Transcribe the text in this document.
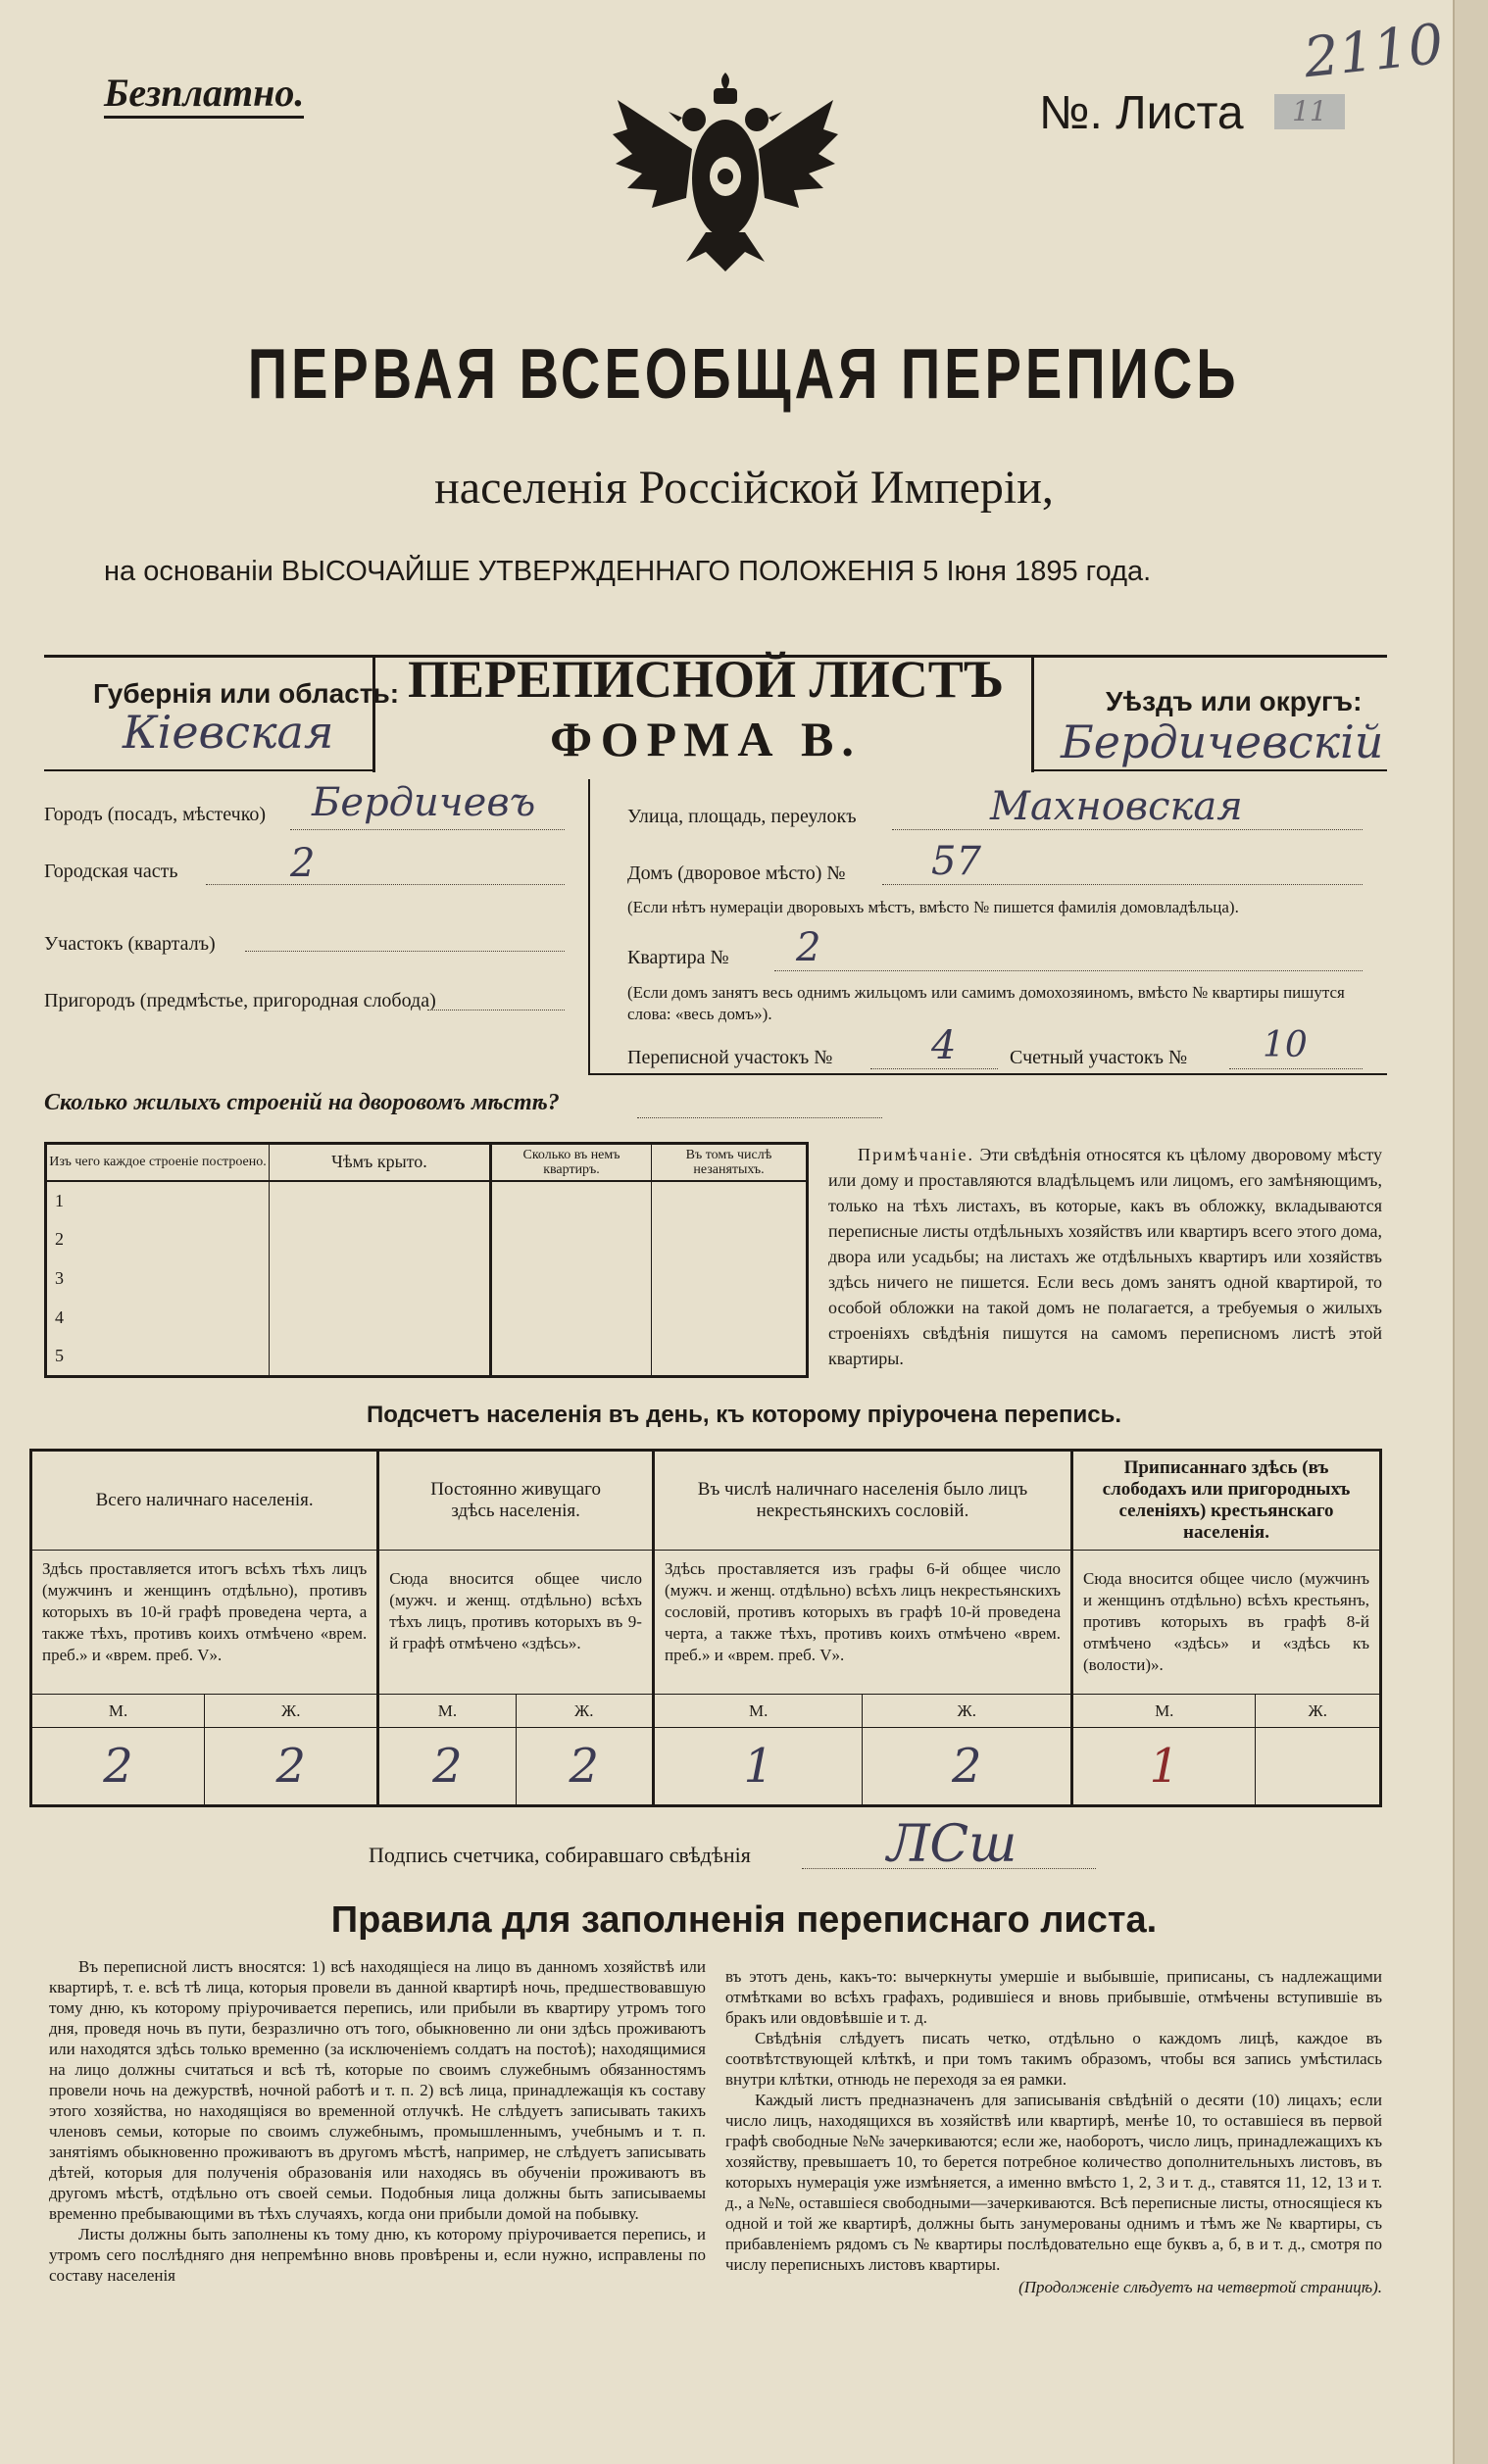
Безплатно.	№. Листа	11
2110
ПЕРВАЯ ВСЕОБЩАЯ ПЕРЕПИСЬ
населенія Россійской Имперіи,
на основаніи ВЫСОЧАЙШЕ УТВЕРЖДЕННАГО ПОЛОЖЕНІЯ 5 Іюня 1895 года.
Губернія или область:
Кіевская
ПЕРЕПИСНОЙ ЛИСТЪ
ФОРМА В.
Уѣздъ или округъ:
Бердичевскій
Городъ (посадъ, мѣстечко) Бердичевъ
Городская часть	2
Участокъ (кварталъ)
Пригородъ (предмѣстье, пригородная слобода)
Улица, площадь, переулокъ	Махновская
Домъ (дворовое мѣсто) № 57
(Если нѣтъ нумераціи дворовыхъ мѣстъ, вмѣсто № пишется фамилія домовладѣльца).
Квартира № 2
(Если домъ занятъ весь однимъ жильцомъ или самимъ домохозяиномъ, вмѣсто № квартиры пишутся слова: «весь домъ»).
Переписной участокъ №	4	Счетный участокъ № 10
Сколько жилыхъ строеній на дворовомъ мѣстѣ?
Изъ чего каждое строеніе построено.	Чѣмъ крыто.	Сколько въ немъ квартиръ.	Въ томъ числѣ незанятыхъ.
1			
2			
3			
4			
5			
Примѣчаніе. Эти свѣдѣнія относятся къ цѣлому дворовому мѣсту или дому и проставляются владѣльцемъ или лицомъ, его замѣняющимъ, только на тѣхъ листахъ, въ которые, какъ въ обложку, вкладываются переписные листы отдѣльныхъ хозяйствъ или квартиръ всего этого дома, двора или усадьбы; на листахъ же отдѣльныхъ квартиръ или хозяйствъ здѣсь ничего не пишется. Если весь домъ занятъ одной квартирой, то особой обложки на такой домъ не полагается, а требуемыя о жилыхъ строеніяхъ свѣдѣнія пишутся на самомъ переписномъ листѣ этой квартиры.
Подсчетъ населенія въ день, къ которому пріурочена перепись.
Всего наличнаго населенія.		Постоянно живущаго здѣсь населенія.		Въ числѣ наличнаго населенія было лицъ некрестьянскихъ сословій.		Приписаннаго здѣсь (въ слободахъ или пригородныхъ селеніяхъ) крестьянскаго населенія.	
Здѣсь проставляется итогъ всѣхъ тѣхъ лицъ (мужчинъ и женщинъ отдѣльно), противъ которыхъ въ 10-й графѣ проведена черта, а также тѣхъ, противъ коихъ отмѣчено «врем. преб.» и «врем. преб. V».		Сюда вносится общее число (мужч. и женщ. отдѣльно) всѣхъ тѣхъ лицъ, противъ которыхъ въ 9-й графѣ отмѣчено «здѣсь».		Здѣсь проставляется изъ графы 6-й общее число (мужч. и женщ. отдѣльно) всѣхъ лицъ некрестьянскихъ сословій, противъ которыхъ въ графѣ 10-й проведена черта, а также тѣхъ, противъ коихъ отмѣчено «врем. преб.» и «врем. преб. V».		Сюда вносится общее число (мужчинъ и женщинъ отдѣльно) всѣхъ крестьянъ, противъ которыхъ въ графѣ 8-й отмѣчено «здѣсь» и «здѣсь къ (волости)».	
М.	Ж.	М.	Ж.	М.	Ж.	М.	Ж.
2	2	2	2	1	2	1	
Подпись счетчика, собиравшаго свѣдѣнія	ЛСш
Правила для заполненія переписнаго листа.

Въ переписной листъ вносятся: 1) всѣ находящіеся на лицо въ данномъ хозяйствѣ или квартирѣ, т. е. всѣ тѣ лица, которыя провели въ данной квартирѣ ночь, предшествовавшую тому дню, къ которому пріурочивается перепись, или прибыли въ квартиру утромъ того дня, проведя ночь въ пути, безразлично отъ того, обыкновенно ли они здѣсь проживаютъ или находятся здѣсь только временно (за исключеніемъ солдатъ на постоѣ); находящимися на лицо должны считаться и всѣ тѣ, которые по своимъ служебнымъ обязанностямъ провели ночь на дежурствѣ, ночной работѣ и т. п. 2) всѣ лица, принадлежащія къ составу этого хозяйства, но находящіяся во временной отлучкѣ. Не слѣдуетъ записывать такихъ членовъ семьи, которые по своимъ служебнымъ, промышленнымъ, учебнымъ и т. п. занятіямъ обыкновенно проживаютъ въ другомъ мѣстѣ, например, не слѣдуетъ записывать дѣтей, которыя для полученія образованія или находясь въ обученіи проживаютъ въ другомъ мѣстѣ, отдѣльно отъ своей семьи. Подобныя лица должны быть записываемы временно пребывающими въ тѣхъ случаяхъ, когда они прибыли домой на побывку.

Листы должны быть заполнены къ тому дню, къ которому пріурочивается перепись, и утромъ сего послѣдняго дня непремѣнно вновь провѣрены и, если нужно, исправлены по составу населенія

въ этотъ день, какъ-то: вычеркнуты умершіе и выбывшіе, приписаны, съ надлежащими отмѣтками во всѣхъ графахъ, родившіеся и вновь прибывшіе, отмѣчены вступившіе въ бракъ или овдовѣвшіе и т. д.

Свѣдѣнія слѣдуетъ писать четко, отдѣльно о каждомъ лицѣ, каждое въ соотвѣтствующей клѣткѣ, и при томъ такимъ образомъ, чтобы вся запись умѣстилась внутри клѣтки, отнюдь не переходя за ея рамки.

Каждый листъ предназначенъ для записыванія свѣдѣній о десяти (10) лицахъ; если число лицъ, находящихся въ хозяйствѣ или квартирѣ, менѣе 10, то оставшіеся въ первой графѣ свободные №№ зачеркиваются; если же, наоборотъ, число лицъ, принадлежащихъ къ хозяйству, превышаетъ 10, то берется потребное количество дополнительныхъ листовъ, въ которыхъ нумерація уже измѣняется, а именно вмѣсто 1, 2, 3 и т. д., ставятся 11, 12, 13 и т. д., а №№, оставшіеся свободными—зачеркиваются. Всѣ переписные листы, относящіеся къ одной и той же квартирѣ, должны быть занумерованы однимъ и тѣмъ же № квартиры, съ прибавленіемъ рядомъ съ № квартиры послѣдовательно еще буквъ а, б, в и т. д., смотря по числу переписныхъ листовъ квартиры.

(Продолженіе слѣдуетъ на четвертой страницѣ).
